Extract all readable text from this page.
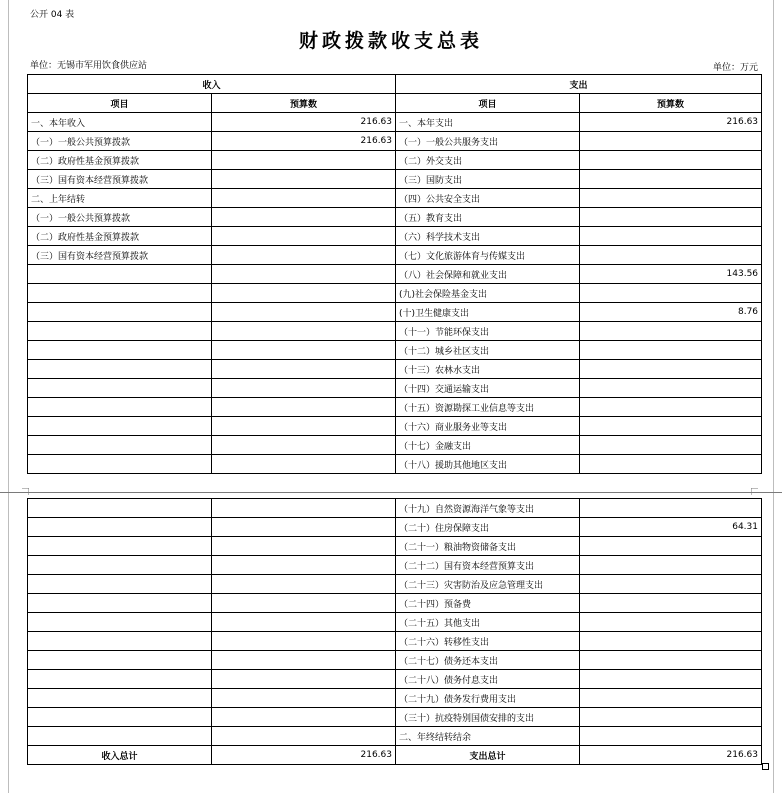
公开 04 表
财政拨款收支总表
单位：无锡市军用饮食供应站	单位：万元
收入		支出	
项目	预算数	项目	预算数
一、本年收入	216.63	一、本年支出	216.63
（一）一般公共预算拨款	216.63	（一）一般公共服务支出	
（二）政府性基金预算拨款		（二）外交支出	
（三）国有资本经营预算拨款		（三）国防支出	
二、上年结转		（四）公共安全支出	
（一）一般公共预算拨款		（五）教育支出	
（二）政府性基金预算拨款		（六）科学技术支出	
（三）国有资本经营预算拨款		（七）文化旅游体育与传媒支出	
		（八）社会保障和就业支出	143.56
		(九)社会保险基金支出	
		(十)卫生健康支出	8.76
		（十一）节能环保支出	
		（十二）城乡社区支出	
		（十三）农林水支出	
		（十四）交通运输支出	
		（十五）资源勘探工业信息等支出	
		（十六）商业服务业等支出	
		（十七）金融支出	
		（十八）援助其他地区支出	
		（十九）自然资源海洋气象等支出	
		（二十）住房保障支出	64.31
		（二十一）粮油物资储备支出	
		（二十二）国有资本经营预算支出	
		（二十三）灾害防治及应急管理支出	
		（二十四）预备费	
		（二十五）其他支出	
		（二十六）转移性支出	
		（二十七）债务还本支出	
		（二十八）债务付息支出	
		（二十九）债务发行费用支出	
		（三十）抗疫特别国债安排的支出	
		二、年终结转结余	
收入总计	216.63	支出总计	216.63
